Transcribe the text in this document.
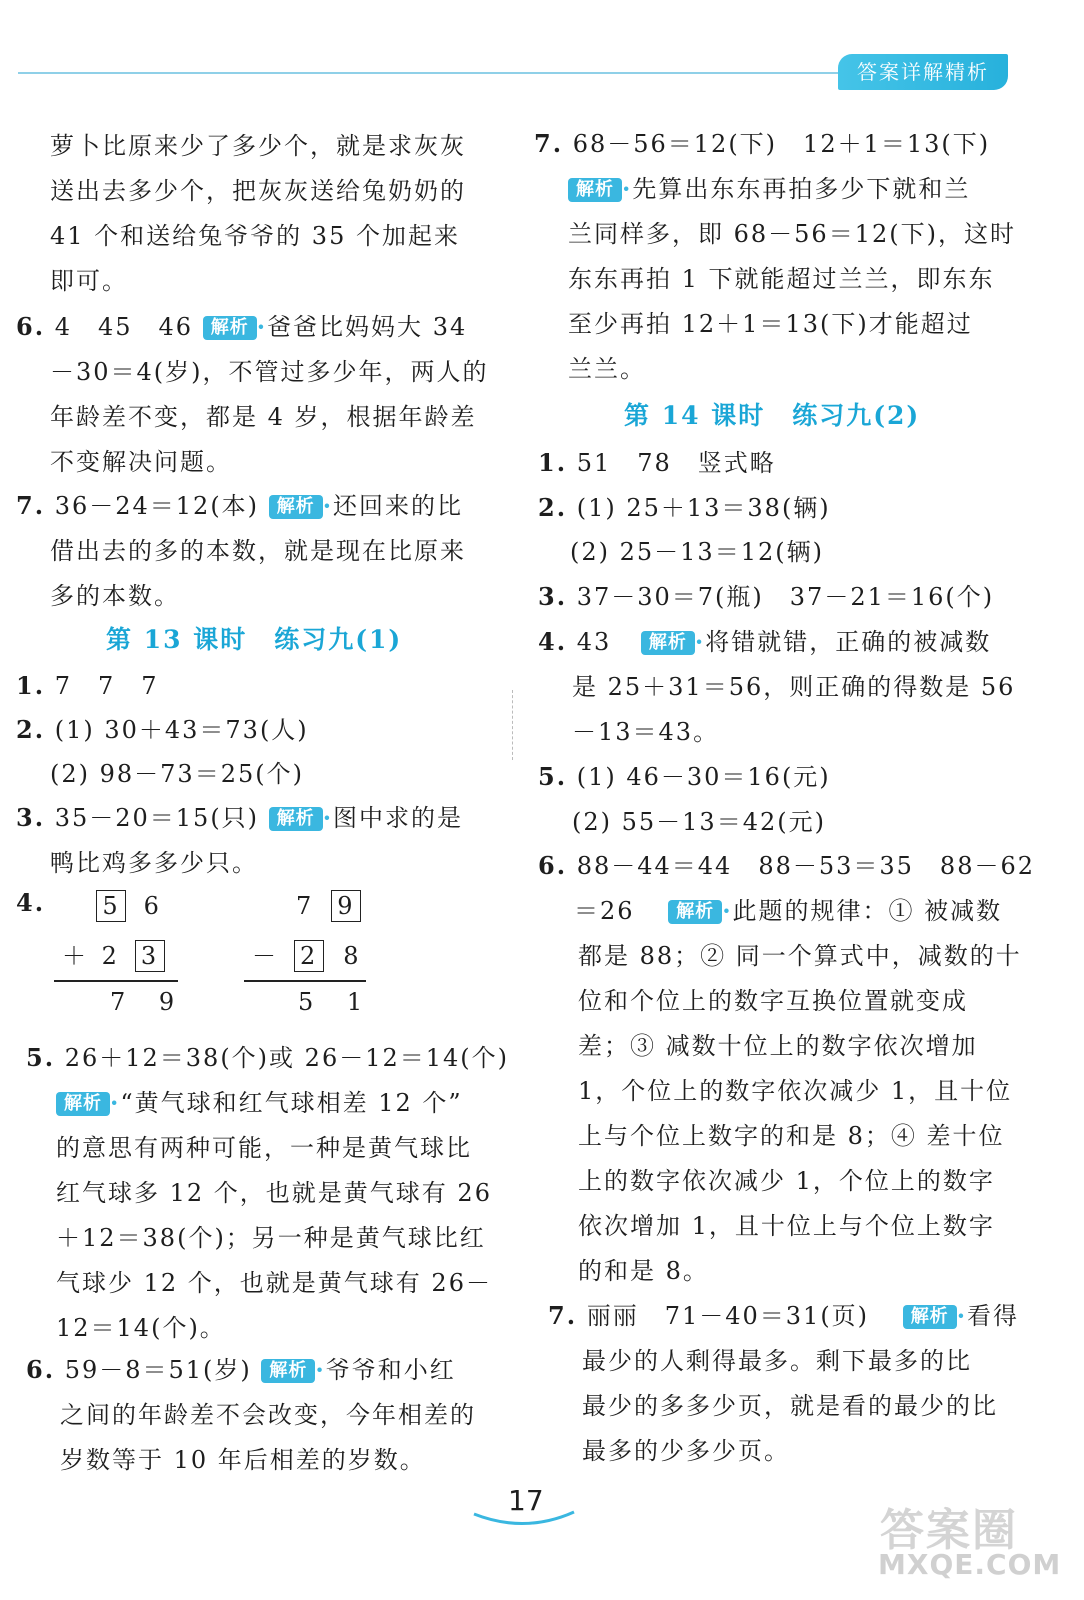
答案详解精析
萝卜比原来少了多少个，就是求灰灰
送出去多少个，把灰灰送给兔奶奶的
41 个和送给兔爷爷的 35 个加起来
即可。
6. 4　45　46 解析 ·爸爸比妈妈大 34
－30＝4(岁)，不管过多少年，两人的
年龄差不变，都是 4 岁，根据年龄差
不变解决问题。
7. 36－24＝12(本) 解析 ·还回来的比
借出去的多的本数，就是现在比原来
多的本数。
第 13 课时　练习九(1)
1. 7　7　7
2. (1) 30＋43＝73(人)
(2) 98－73＝25(个)
3. 35－20＝15(只) 解析 ·图中求的是
鸭比鸡多多少只。
4. 5 6
＋ 2 3
7 9
7 9
－ 2 8
5 1
5. 26＋12＝38(个)或 26－12＝14(个)
解析 ·“黄气球和红气球相差 12 个”
的意思有两种可能，一种是黄气球比
红气球多 12 个，也就是黄气球有 26
＋12＝38(个)；另一种是黄气球比红
气球少 12 个，也就是黄气球有 26－
12＝14(个)。
6. 59－8＝51(岁) 解析 ·爷爷和小红
之间的年龄差不会改变，今年相差的
岁数等于 10 年后相差的岁数。
7. 68－56＝12(下)　12＋1＝13(下)
解析 ·先算出东东再拍多少下就和兰
兰同样多，即 68－56＝12(下)，这时
东东再拍 1 下就能超过兰兰，即东东
至少再拍 12＋1＝13(下)才能超过
兰兰。
第 14 课时　练习九(2)
1. 51　78　竖式略
2. (1) 25＋13＝38(辆)
(2) 25－13＝12(辆)
3. 37－30＝7(瓶)　37－21＝16(个)
4. 43 解析 ·将错就错，正确的被减数
是 25＋31＝56，则正确的得数是 56
－13＝43。
5. (1) 46－30＝16(元)
(2) 55－13＝42(元)
6. 88－44＝44　88－53＝35　88－62
＝26 解析 ·此题的规律：① 被减数
都是 88；② 同一个算式中，减数的十
位和个位上的数字互换位置就变成
差；③ 减数十位上的数字依次增加
1，个位上的数字依次减少 1，且十位
上与个位上数字的和是 8；④ 差十位
上的数字依次减少 1，个位上的数字
依次增加 1，且十位上与个位上数字
的和是 8。
7. 丽丽　71－40＝31(页) 解析 ·看得
最少的人剩得最多。剩下最多的比
最少的多多少页，就是看的最少的比
最多的少多少页。
17
答案圈
MXQE.COM
